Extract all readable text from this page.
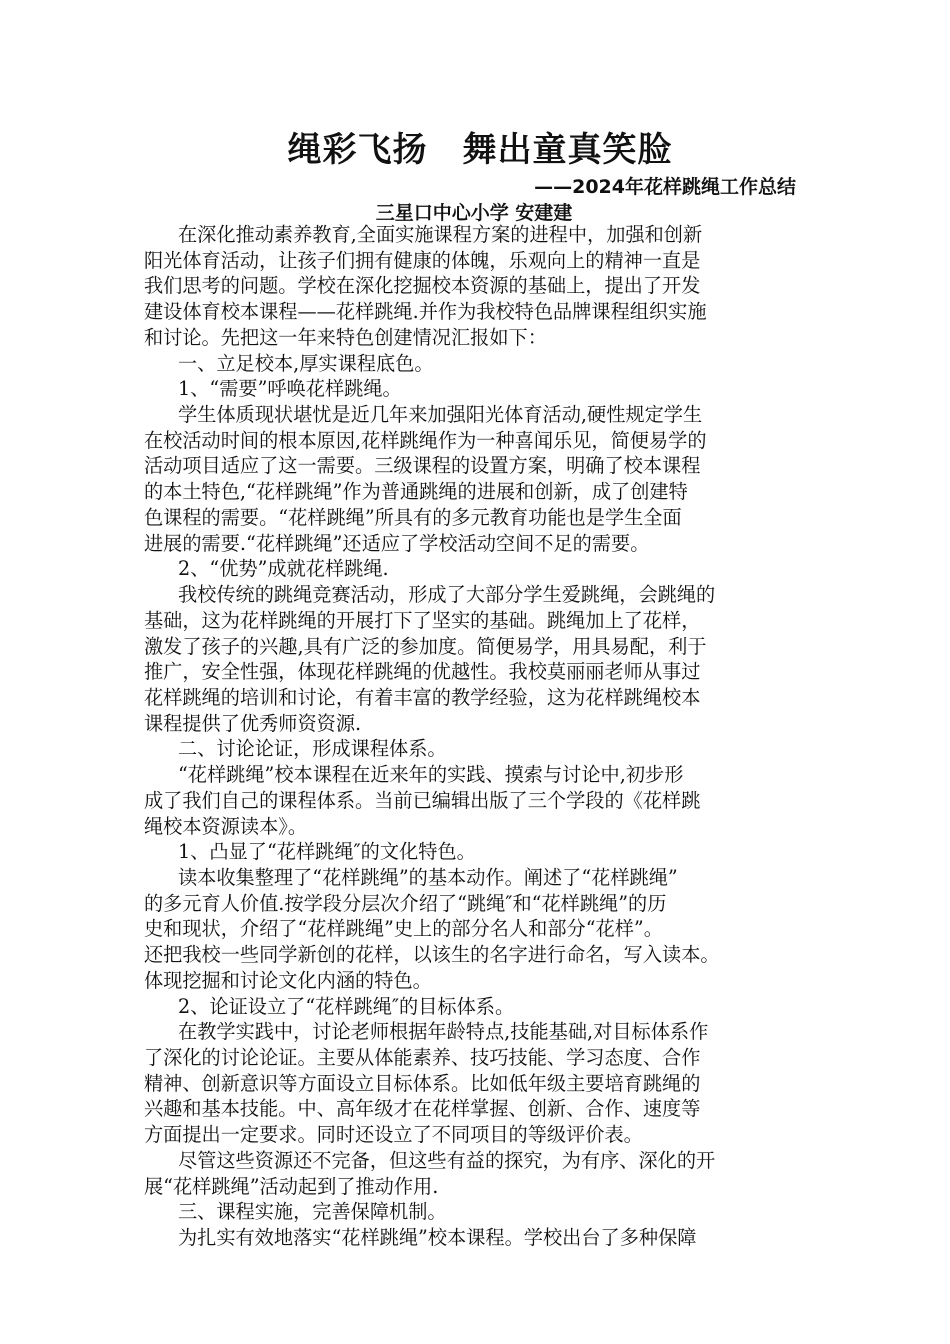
绳彩飞扬　舞出童真笑脸
——2024年花样跳绳工作总结
三星口中心小学 安建建
在深化推动素养教育,全面实施课程方案的进程中，加强和创新
阳光体育活动，让孩子们拥有健康的体魄，乐观向上的精神一直是
我们思考的问题。学校在深化挖掘校本资源的基础上，提出了开发
建设体育校本课程——花样跳绳.并作为我校特色品牌课程组织实施
和讨论。先把这一年来特色创建情况汇报如下：
一、立足校本,厚实课程底色。
1、“需要”呼唤花样跳绳。
学生体质现状堪忧是近几年来加强阳光体育活动,硬性规定学生
在校活动时间的根本原因,花样跳绳作为一种喜闻乐见，简便易学的
活动项目适应了这一需要。三级课程的设置方案，明确了校本课程
的本土特色,“花样跳绳”作为普通跳绳的进展和创新，成了创建特
色课程的需要。“花样跳绳”所具有的多元教育功能也是学生全面
进展的需要.“花样跳绳”还适应了学校活动空间不足的需要。
2、“优势”成就花样跳绳.
我校传统的跳绳竞赛活动，形成了大部分学生爱跳绳，会跳绳的
基础，这为花样跳绳的开展打下了坚实的基础。跳绳加上了花样，
激发了孩子的兴趣,具有广泛的参加度。简便易学，用具易配，利于
推广，安全性强，体现花样跳绳的优越性。我校莫丽丽老师从事过
花样跳绳的培训和讨论，有着丰富的教学经验，这为花样跳绳校本
课程提供了优秀师资资源.
二、讨论论证，形成课程体系。
“花样跳绳”校本课程在近来年的实践、摸索与讨论中,初步形
成了我们自己的课程体系。当前已编辑出版了三个学段的《花样跳
绳校本资源读本》。
1、凸显了“花样跳绳″的文化特色。
读本收集整理了“花样跳绳”的基本动作。阐述了“花样跳绳”
的多元育人价值.按学段分层次介绍了“跳绳″和“花样跳绳”的历
史和现状，介绍了“花样跳绳”史上的部分名人和部分“花样”。
还把我校一些同学新创的花样，以该生的名字进行命名，写入读本。
体现挖掘和讨论文化内涵的特色。
2、论证设立了“花样跳绳″的目标体系。
在教学实践中，讨论老师根据年龄特点,技能基础,对目标体系作
了深化的讨论论证。主要从体能素养、技巧技能、学习态度、合作
精神、创新意识等方面设立目标体系。比如低年级主要培育跳绳的
兴趣和基本技能。中、高年级才在花样掌握、创新、合作、速度等
方面提出一定要求。同时还设立了不同项目的等级评价表。
尽管这些资源还不完备，但这些有益的探究，为有序、深化的开
展“花样跳绳”活动起到了推动作用.
三、课程实施，完善保障机制。
为扎实有效地落实“花样跳绳”校本课程。学校出台了多种保障
